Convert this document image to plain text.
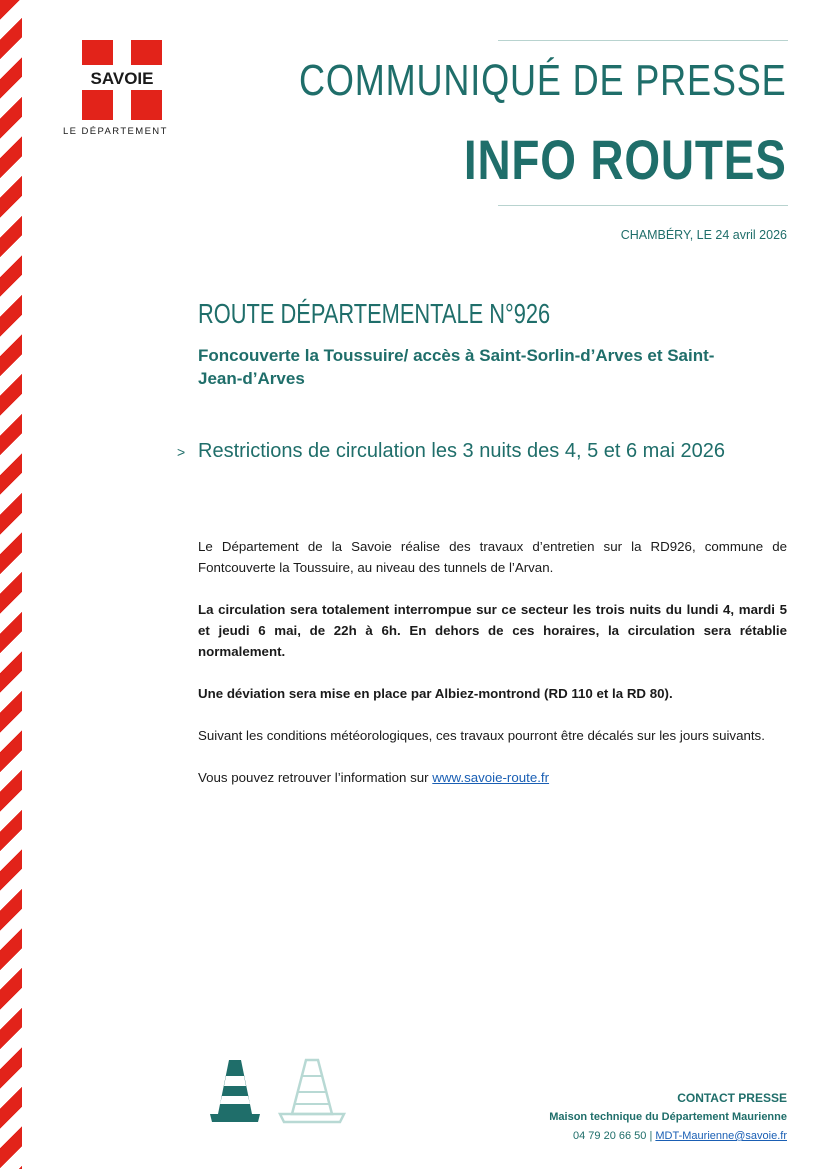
SAVOIE
LE DÉPARTEMENT
COMMUNIQUÉ DE PRESSE
INFO ROUTES
CHAMBÉRY, LE 24 avril 2026
ROUTE DÉPARTEMENTALE N°926
Foncouverte la Toussuire/ accès à Saint-Sorlin-d’Arves et Saint-Jean-d’Arves
> Restrictions de circulation les 3 nuits des 4, 5 et 6 mai 2026

Le Département de la Savoie réalise des travaux d’entretien sur la RD926, commune de Fontcouverte la Toussuire, au niveau des tunnels de l’Arvan.

La circulation sera totalement interrompue sur ce secteur les trois nuits du lundi 4, mardi 5 et jeudi 6 mai, de 22h à 6h. En dehors de ces horaires, la circulation sera rétablie normalement.

Une déviation sera mise en place par Albiez-montrond (RD 110 et la RD 80).

Suivant les conditions météorologiques, ces travaux pourront être décalés sur les jours suivants.

Vous pouvez retrouver l’information sur www.savoie-route.fr

CONTACT PRESSE
Maison technique du Département Maurienne
04 79 20 66 50 | MDT-Maurienne@savoie.fr
